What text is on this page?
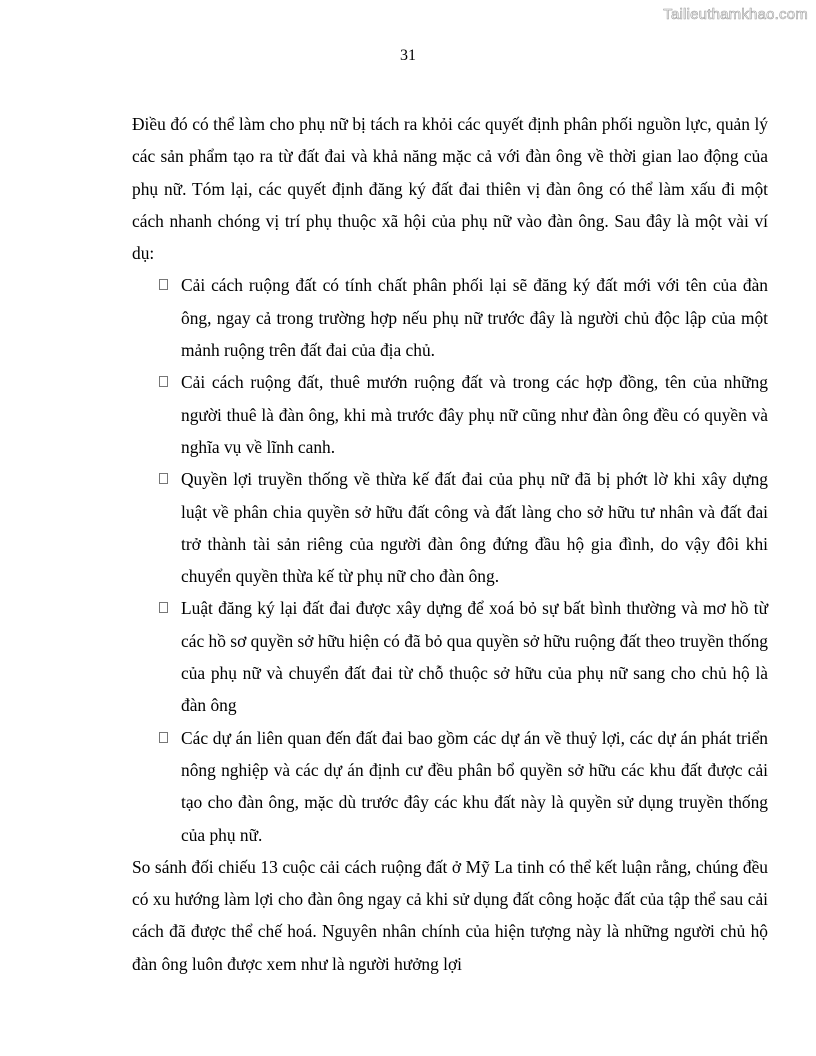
Tailieuthamkhao.com
31

Điều đó có thể làm cho phụ nữ bị tách ra khỏi các quyết định phân phối nguồn lực, quản lý các sản phẩm tạo ra từ đất đai và khả năng mặc cả với đàn ông về thời gian lao động của phụ nữ. Tóm lại, các quyết định đăng ký đất đai thiên vị đàn ông có thể làm xấu đi một cách nhanh chóng vị trí phụ thuộc xã hội của phụ nữ vào đàn ông. Sau đây là một vài ví dụ:

Cải cách ruộng đất có tính chất phân phối lại sẽ đăng ký đất mới với tên của đàn ông, ngay cả trong trường hợp nếu phụ nữ trước đây là người chủ độc lập của một mảnh ruộng trên đất đai của địa chủ.
Cải cách ruộng đất, thuê mướn ruộng đất và trong các hợp đồng, tên của những người thuê là đàn ông, khi mà trước đây phụ nữ cũng như đàn ông đều có quyền và nghĩa vụ về lĩnh canh.
Quyền lợi truyền thống về thừa kế đất đai của phụ nữ đã bị phớt lờ khi xây dựng luật về phân chia quyền sở hữu đất công và đất làng cho sở hữu tư nhân và đất đai trở thành tài sản riêng của người đàn ông đứng đầu hộ gia đình, do vậy đôi khi chuyển quyền thừa kế từ phụ nữ cho đàn ông.
Luật đăng ký lại đất đai được xây dựng để xoá bỏ sự bất bình thường và mơ hồ từ các hồ sơ quyền sở hữu hiện có đã bỏ qua quyền sở hữu ruộng đất theo truyền thống của phụ nữ và chuyển đất đai từ chỗ thuộc sở hữu của phụ nữ sang cho chủ hộ là đàn ông
Các dự án liên quan đến đất đai bao gồm các dự án về thuỷ lợi, các dự án phát triển nông nghiệp và các dự án định cư đều phân bổ quyền sở hữu các khu đất được cải tạo cho đàn ông, mặc dù trước đây các khu đất này là quyền sử dụng truyền thống của phụ nữ.

So sánh đối chiếu 13 cuộc cải cách ruộng đất ở Mỹ La tinh có thể kết luận rằng, chúng đều có xu hướng làm lợi cho đàn ông ngay cả khi sử dụng đất công hoặc đất của tập thể sau cải cách đã được thể chế hoá. Nguyên nhân chính của hiện tượng này là những người chủ hộ đàn ông luôn được xem như là người hưởng lợi
